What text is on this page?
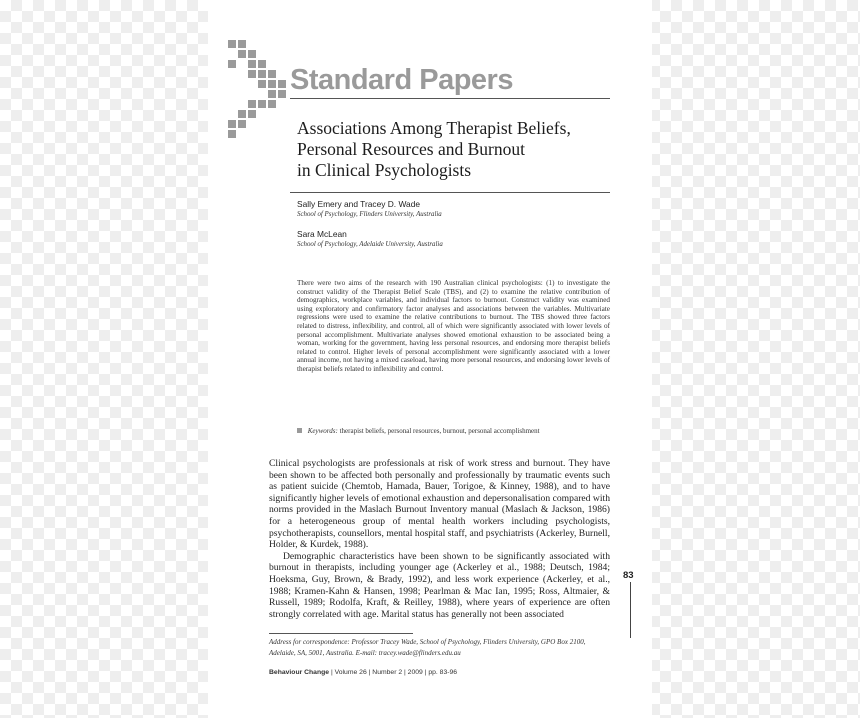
Standard Papers
Associations Among Therapist Beliefs,
Personal Resources and Burnout
in Clinical Psychologists
Sally Emery and Tracey D. Wade
School of Psychology, Flinders University, Australia
Sara McLean
School of Psychology, Adelaide University, Australia

There were two aims of the research with 190 Australian clinical psychologists: (1) to investigate the construct validity of the Therapist Belief Scale (TBS), and (2) to examine the relative contribution of demographics, workplace variables, and individual factors to burnout. Construct validity was examined using exploratory and confirmatory factor analyses and associations between the variables. Multivariate regressions were used to examine the relative contributions to burnout. The TBS showed three factors related to distress, inflexibility, and control, all of which were significantly associated with lower levels of personal accomplishment. Multivariate analyses showed emotional exhaustion to be associated being a woman, working for the government, having less personal resources, and endorsing more therapist beliefs related to control. Higher levels of personal accomplishment were significantly associated with a lower annual income, not having a mixed caseload, having more personal resources, and endorsing lower levels of therapist beliefs related to inflexibility and control.

Keywords: therapist beliefs, personal resources, burnout, personal accomplishment

Clinical psychologists are professionals at risk of work stress and burnout. They have been shown to be affected both personally and professionally by traumatic events such as patient suicide (Chemtob, Hamada, Bauer, Torigoe, & Kinney, 1988), and to have significantly higher levels of emotional exhaustion and depersonalisation compared with norms provided in the Maslach Burnout Inventory manual (Maslach & Jackson, 1986) for a heterogeneous group of mental health workers including psychologists, psychotherapists, counsellors, mental hospital staff, and psychiatrists (Ackerley, Burnell, Holder, & Kurdek, 1988).

Demographic characteristics have been shown to be significantly associated with burnout in therapists, including younger age (Ackerley et al., 1988; Deutsch, 1984; Hoeksma, Guy, Brown, & Brady, 1992), and less work experience (Ackerley, et al., 1988; Kramen-Kahn & Hansen, 1998; Pearlman & Mac Ian, 1995; Ross, Altmaier, & Russell, 1989; Rodolfa, Kraft, & Reilley, 1988), where years of experience are often strongly correlated with age. Marital status has generally not been associated

83
Address for correspondence: Professor Tracey Wade, School of Psychology, Flinders University, GPO Box 2100, Adelaide, SA, 5001, Australia. E-mail: tracey.wade@flinders.edu.au
Behaviour Change | Volume 26 | Number 2 | 2009 | pp. 83-96
